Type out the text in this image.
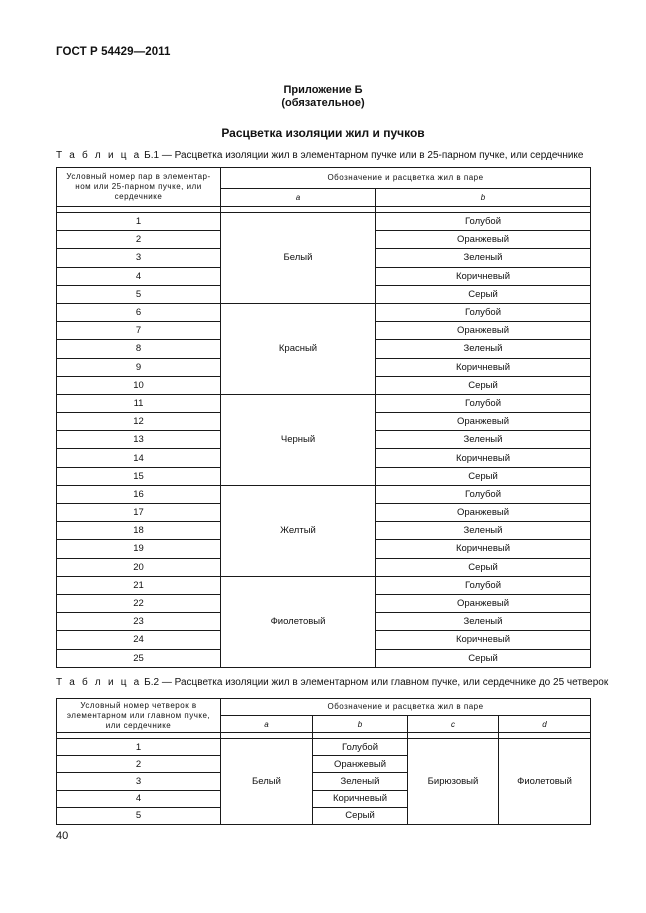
ГОСТ Р 54429—2011
Приложение Б
(обязательное)
Расцветка изоляции жил и пучков
Т а б л и ц а Б.1 — Расцветка изоляции жил в элементарном пучке или в 25-парном пучке, или сердечнике
Условный номер пар в элементар-ном или 25-парном пучке, или сердечнике	Обозначение и расцветка жил в паре	
	a	b

1	Белый	Голубой
2		Оранжевый
3		Зеленый
4		Коричневый
5		Серый
6	Красный	Голубой
7		Оранжевый
8		Зеленый
9		Коричневый
10		Серый
11	Черный	Голубой
12		Оранжевый
13		Зеленый
14		Коричневый
15		Серый
16	Желтый	Голубой
17		Оранжевый
18		Зеленый
19		Коричневый
20		Серый
21	Фиолетовый	Голубой
22		Оранжевый
23		Зеленый
24		Коричневый
25		Серый
Т а б л и ц а Б.2 — Расцветка изоляции жил в элементарном или главном пучке, или сердечнике до 25 четверок
Условный номер четверок в элементарном или главном пучке, или сердечнике	Обозначение и расцветка жил в паре			
	a	b	c	d

1	Белый	Голубой	Бирюзовый	Фиолетовый
2		Оранжевый		
3		Зеленый		
4		Коричневый		
5		Серый		
40
